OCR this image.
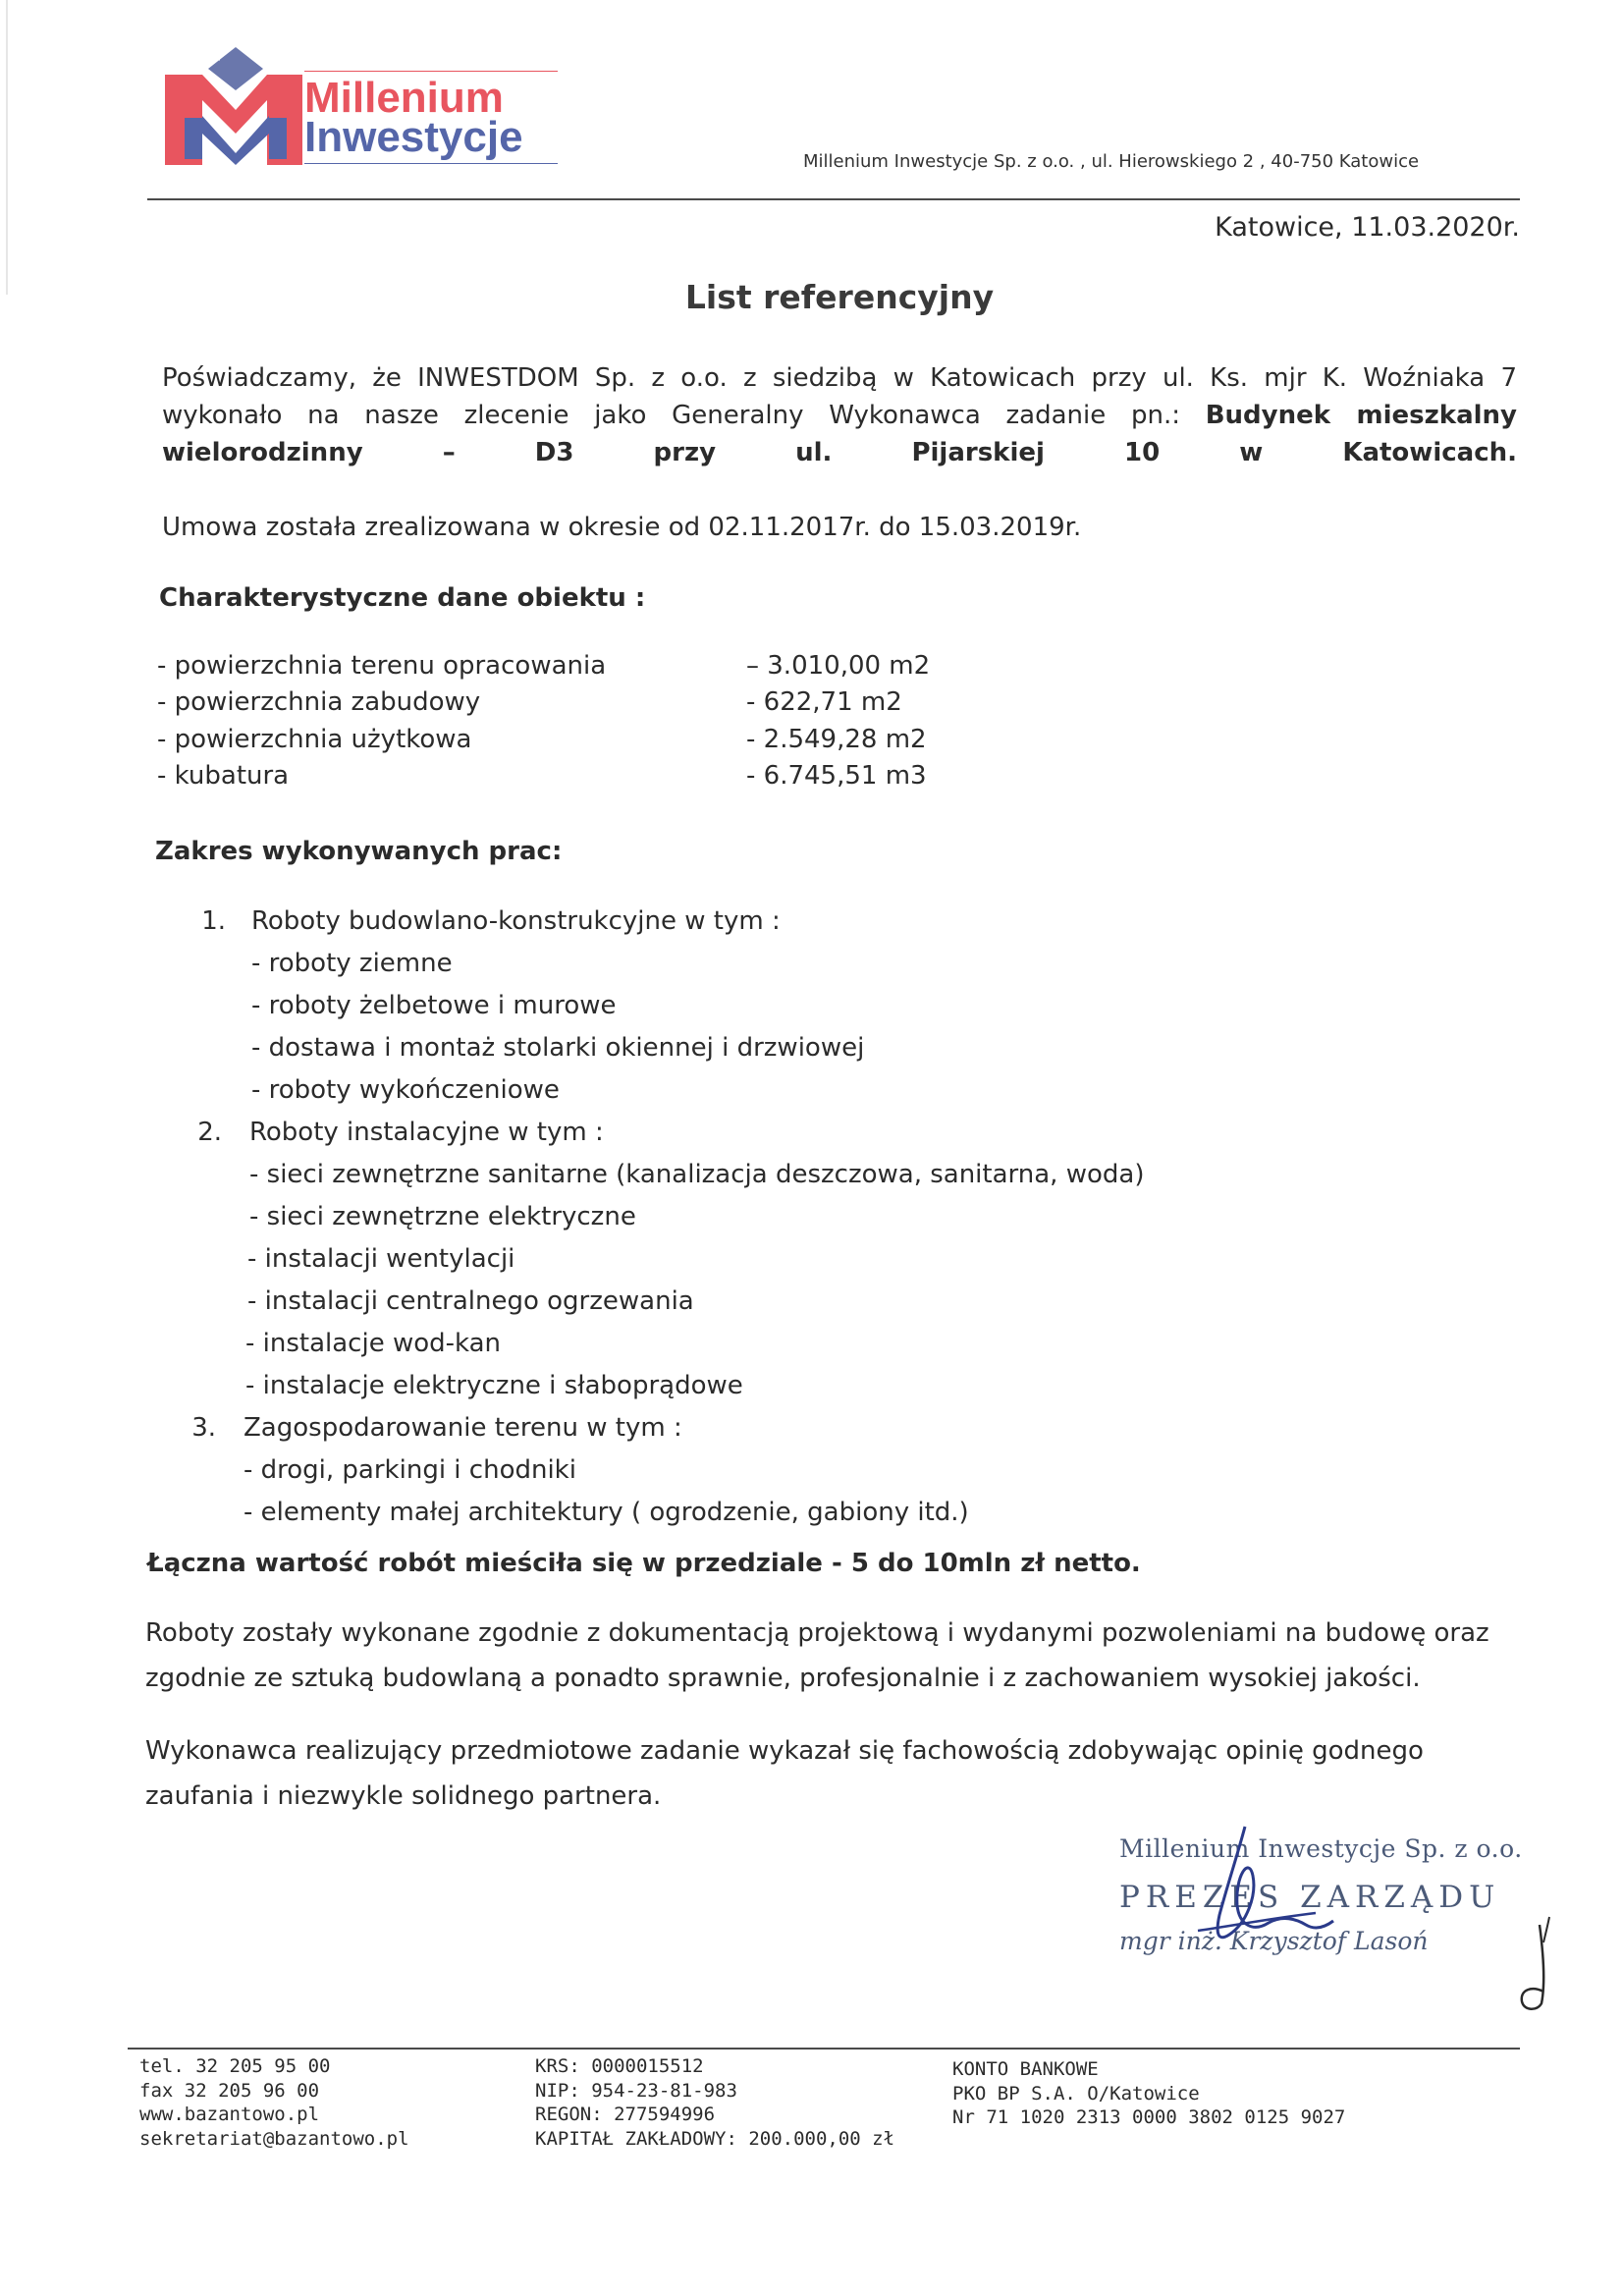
Millenium
Inwestycje
Millenium Inwestycje Sp. z o.o. , ul. Hierowskiego 2 , 40-750 Katowice
Katowice, 11.03.2020r.
List referencyjny
Poświadczamy, że INWESTDOM Sp. z o.o. z siedzibą w Katowicach przy ul. Ks. mjr K. Woźniaka 7 wykonało na nasze zlecenie jako Generalny Wykonawca zadanie pn.: Budynek mieszkalny wielorodzinny – D3 przy ul. Pijarskiej 10 w Katowicach.
Umowa została zrealizowana w okresie od 02.11.2017r. do 15.03.2019r.
Charakterystyczne dane obiektu :
- powierzchnia terenu opracowania	– 3.010,00 m2
- powierzchnia zabudowy	- 622,71 m2
- powierzchnia użytkowa	- 2.549,28 m2
- kubatura	- 6.745,51 m3
Zakres wykonywanych prac:
1. Roboty budowlano-konstrukcyjne w tym :
- roboty ziemne
- roboty żelbetowe i murowe
- dostawa i montaż stolarki okiennej i drzwiowej
- roboty wykończeniowe
2. Roboty instalacyjne w tym :
- sieci zewnętrzne sanitarne (kanalizacja deszczowa, sanitarna, woda)
- sieci zewnętrzne elektryczne
- instalacji wentylacji
- instalacji centralnego ogrzewania
- instalacje wod-kan
- instalacje elektryczne i słaboprądowe
3. Zagospodarowanie terenu w tym :
- drogi, parkingi i chodniki
- elementy małej architektury ( ogrodzenie, gabiony itd.)
Łączna wartość robót mieściła się w przedziale - 5 do 10mln zł netto.
Roboty zostały wykonane zgodnie z dokumentacją projektową i wydanymi pozwoleniami na budowę oraz zgodnie ze sztuką budowlaną a ponadto sprawnie, profesjonalnie i z zachowaniem wysokiej jakości.
Wykonawca realizujący przedmiotowe zadanie wykazał się fachowością zdobywając opinię godnego zaufania i niezwykle solidnego partnera.
Millenium Inwestycje Sp. z o.o.
PREZES ZARZĄDU
mgr inż. Krzysztof Lasoń
tel. 32 205 95 00
fax 32 205 96 00
www.bazantowo.pl
sekretariat@bazantowo.pl
KRS: 0000015512
NIP: 954-23-81-983
REGON: 277594996
KAPITAŁ ZAKŁADOWY: 200.000,00 zł
KONTO BANKOWE
PKO BP S.A. O/Katowice
Nr 71 1020 2313 0000 3802 0125 9027
